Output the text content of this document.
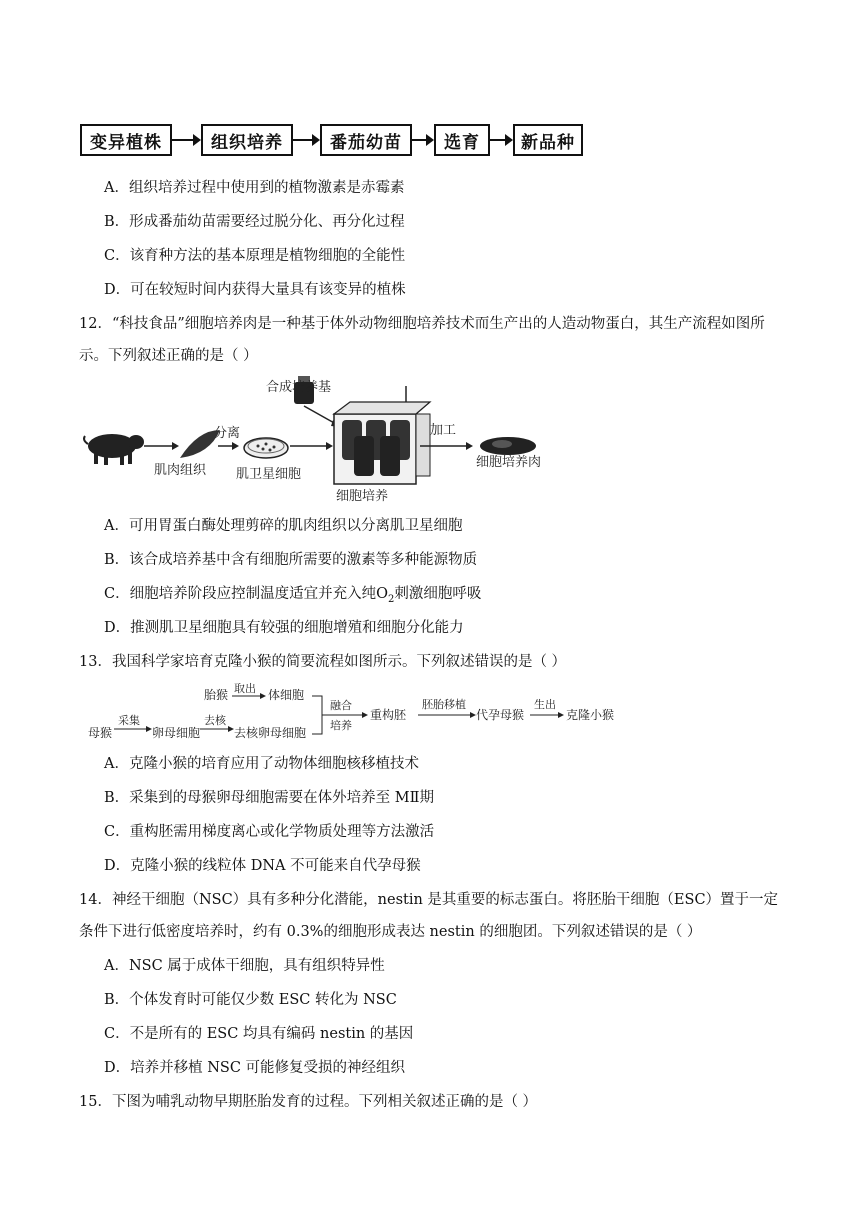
变异植株	组织培养	番茄幼苗	选育	新品种
A．组织培养过程中使用到的植物激素是赤霉素
B．形成番茄幼苗需要经过脱分化、再分化过程
C．该育种方法的基本原理是植物细胞的全能性
D．可在较短时间内获得大量具有该变异的植株
12．“科技食品”细胞培养肉是一种基于体外动物细胞培养技术而生产出的人造动物蛋白，其生产流程如图所
示。下列叙述正确的是（ ）
分离
合成培养基
加工
肌肉组织 肌卫星细胞
细胞培养
细胞培养肉
A．可用胃蛋白酶处理剪碎的肌肉组织以分离肌卫星细胞
B．该合成培养基中含有细胞所需要的激素等多种能源物质
C．细胞培养阶段应控制温度适宜并充入纯$O_2$刺激细胞呼吸
D．推测肌卫星细胞具有较强的细胞增殖和细胞分化能力
13．我国科学家培育克隆小猴的简要流程如图所示。下列叙述错误的是（ ）
胎猴 取出 体细胞
母猴
采集
卵母细胞
去核
去核卵母细胞
融合
培养
重构胚
胚胎移植
代孕母猴
生出
克隆小猴
A．克隆小猴的培育应用了动物体细胞核移植技术
B．采集到的母猴卵母细胞需要在体外培养至 MⅡ期
C．重构胚需用梯度离心或化学物质处理等方法激活
D．克隆小猴的线粒体 DNA 不可能来自代孕母猴
14．神经干细胞（NSC）具有多种分化潜能，nestin 是其重要的标志蛋白。将胚胎干细胞（ESC）置于一定
条件下进行低密度培养时，约有 0.3%的细胞形成表达 nestin 的细胞团。下列叙述错误的是（ ）
A．NSC 属于成体干细胞，具有组织特异性
B．个体发育时可能仅少数 ESC 转化为 NSC
C．不是所有的 ESC 均具有编码 nestin 的基因
D．培养并移植 NSC 可能修复受损的神经组织
15．下图为哺乳动物早期胚胎发育的过程。下列相关叙述正确的是（ ）
